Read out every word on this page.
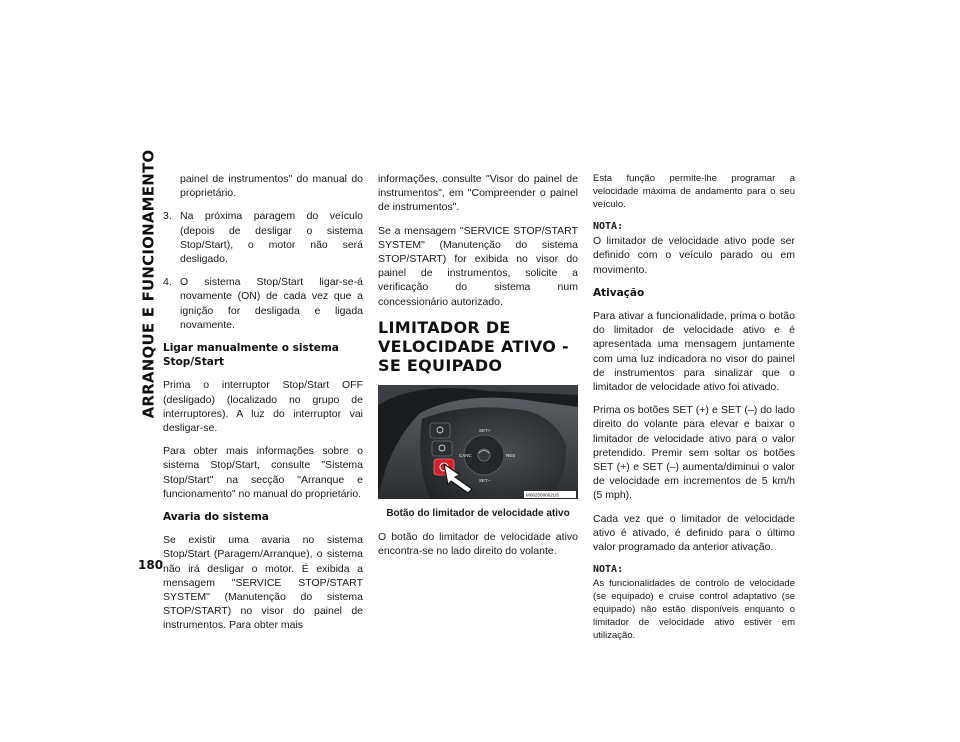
ARRANQUE E FUNCIONAMENTO
180

painel de instrumentos" do manual do proprietário.

3. Na próxima paragem do veículo (depois de desligar o sistema Stop/Start), o motor não será desligado.
4. O sistema Stop/Start ligar-se-á novamente (ON) de cada vez que a ignição for desligada e ligada novamente.
Ligar manualmente o sistema Stop/Start

Prima o interruptor Stop/Start OFF (desligado) (localizado no grupo de interruptores). A luz do interruptor vai desligar-se.

Para obter mais informações sobre o sistema Stop/Start, consulte "Sistema Stop/Start" na secção "Arranque e funcionamento" no manual do proprietário.

Avaria do sistema

Se existir uma avaria no sistema Stop/Start (Paragem/Arranque), o sistema não irá desligar o motor. É exibida a mensagem "SERVICE STOP/START SYSTEM" (Manutenção do sistema STOP/START) no visor do painel de instrumentos. Para obter mais

informações, consulte "Visor do painel de instrumentos", em "Compreender o painel de instrumentos".

Se a mensagem "SERVICE STOP/START SYSTEM" (Manutenção do sistema STOP/START) for exibida no visor do painel de instrumentos, solicite a verificação do sistema num concessionário autorizado.

LIMITADOR DE VELOCIDADE ATIVO - SE EQUIPADO
SET+
CANC	RES
SET–
M062500002US

Botão do limitador de velocidade ativo

O botão do limitador de velocidade ativo encontra-se no lado direito do volante.

Esta função permite-lhe programar a velocidade máxima de andamento para o seu veículo.

NOTA:

O limitador de velocidade ativo pode ser definido com o veículo parado ou em movimento.

Ativação

Para ativar a funcionalidade, prima o botão do limitador de velocidade ativo e é apresentada uma mensagem juntamente com uma luz indicadora no visor do painel de instrumentos para sinalizar que o limitador de velocidade ativo foi ativado.

Prima os botões SET (+) e SET (–) do lado direito do volante para elevar e baixar o limitador de velocidade ativo para o valor pretendido. Premir sem soltar os botões SET (+) e SET (–) aumenta/diminui o valor de velocidade em incrementos de 5 km/h (5 mph).

Cada vez que o limitador de velocidade ativo é ativado, é definido para o último valor programado da anterior ativação.

NOTA:

As funcionalidades de controlo de velocidade (se equipado) e cruise control adaptativo (se equipado) não estão disponíveis enquanto o limitador de velocidade ativo estiver em utilização.
